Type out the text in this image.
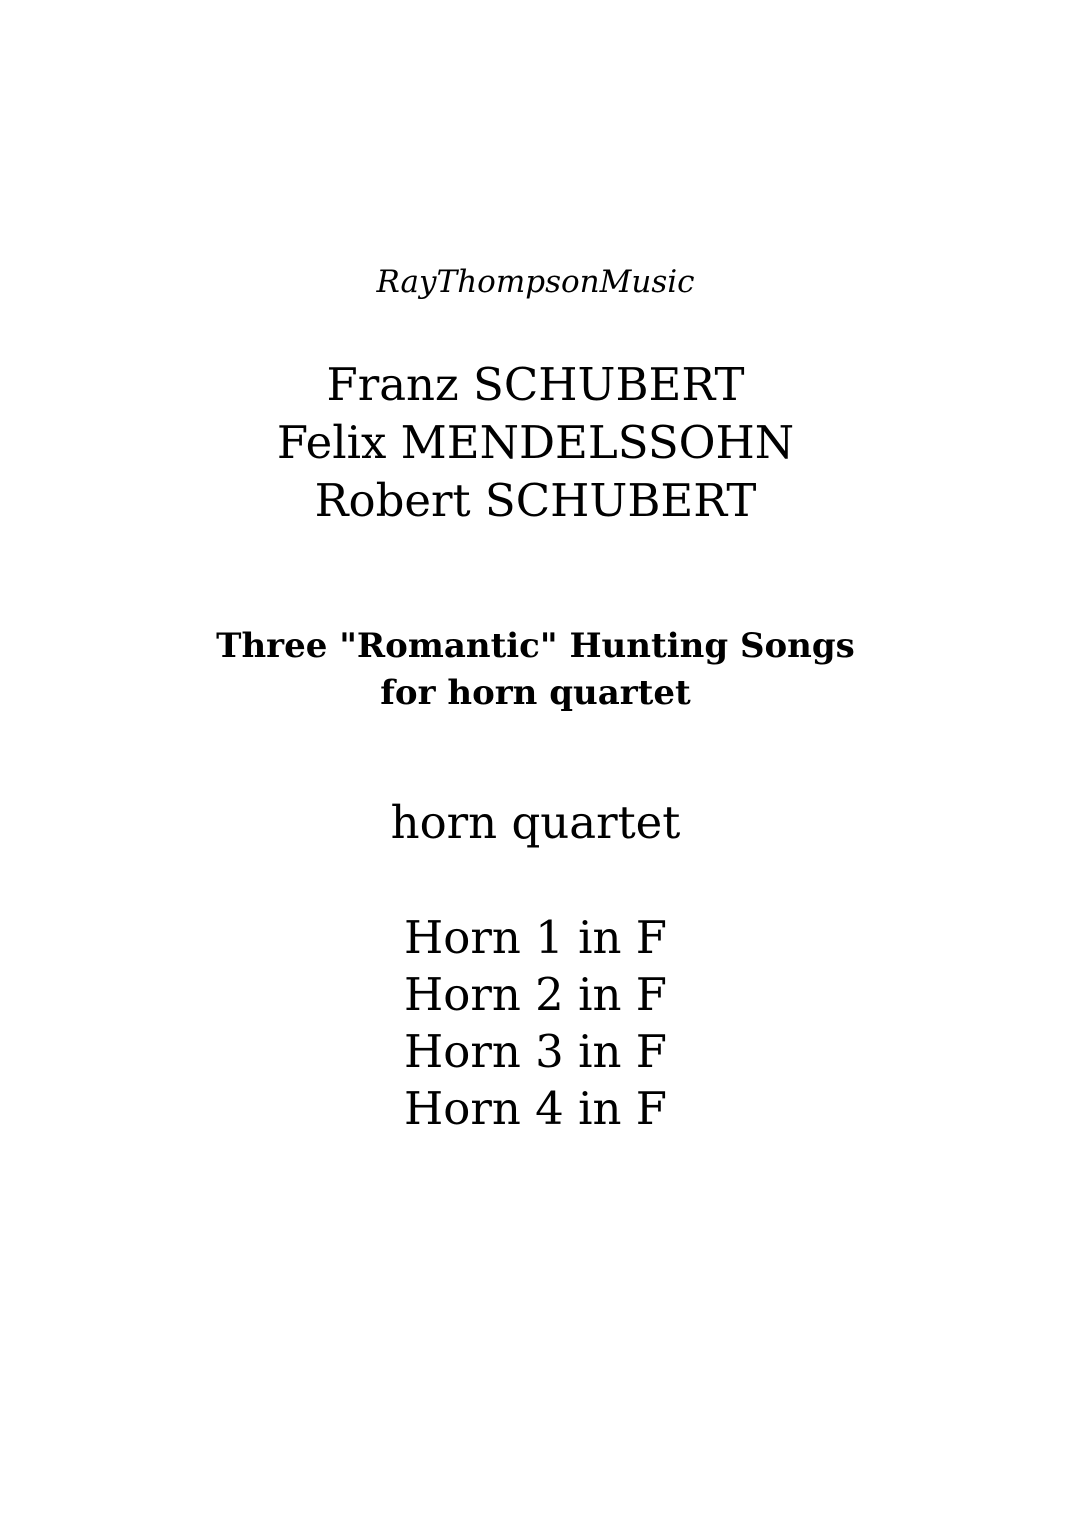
RayThompsonMusic
Franz SCHUBERT
Felix MENDELSSOHN
Robert SCHUBERT
Three "Romantic" Hunting Songs
for horn quartet
horn quartet
Horn 1 in F
Horn 2 in F
Horn 3 in F
Horn 4 in F
